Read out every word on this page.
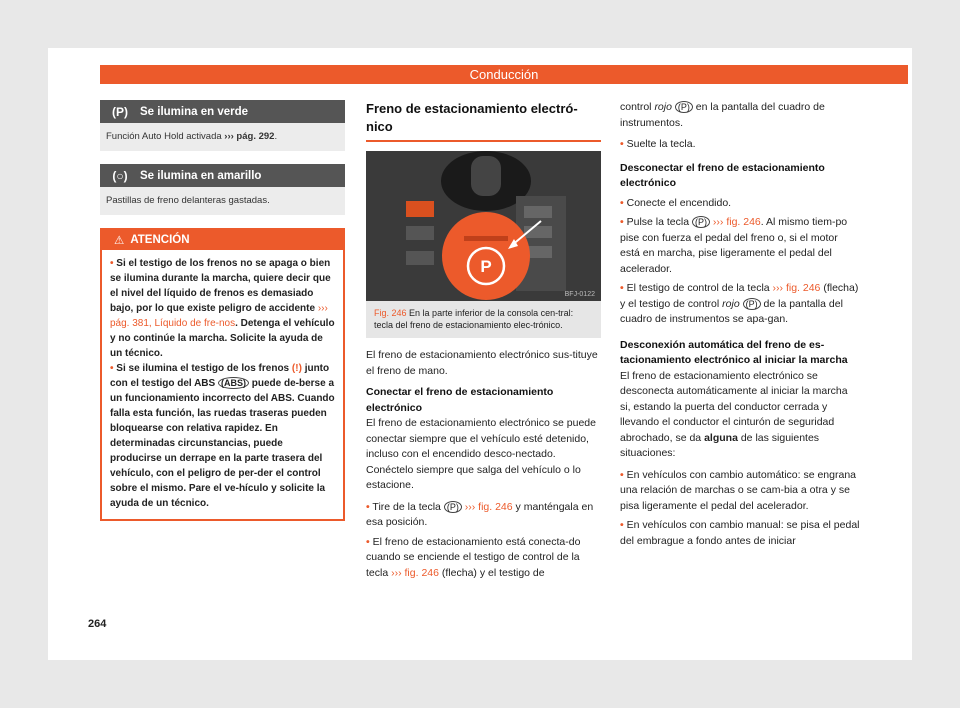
Conducción
(P)	Se ilumina en verde
Función Auto Hold activada ››› pág. 292.
(○)	Se ilumina en amarillo
Pastillas de freno delanteras gastadas.
⚠ ATENCIÓN

• Si el testigo de los frenos no se apaga o bien se ilumina durante la marcha, quiere decir que el nivel del líquido de frenos es demasiado bajo, por lo que existe peligro de accidente ››› pág. 381, Líquido de fre-nos. Detenga el vehículo y no continúe la marcha. Solicite la ayuda de un técnico.

• Si se ilumina el testigo de los frenos (!) junto con el testigo del ABS (ABS) puede de-berse a un funcionamiento incorrecto del ABS. Cuando falla esta función, las ruedas traseras pueden bloquearse con relativa rapidez. En determinadas circunstancias, puede producirse un derrape en la parte trasera del vehículo, con el peligro de per-der el control sobre el mismo. Pare el ve-hículo y solicite la ayuda de un técnico.

Freno de estacionamiento electró-nico
P
BFJ-0122
Fig. 246 En la parte inferior de la consola cen-tral: tecla del freno de estacionamiento elec-trónico.

El freno de estacionamiento electrónico sus-tituye el freno de mano.

Conectar el freno de estacionamiento electrónico

El freno de estacionamiento electrónico se puede conectar siempre que el vehículo esté detenido, incluso con el encendido desco-nectado. Conéctelo siempre que salga del vehículo o lo estacione.

• Tire de la tecla (P) ››› fig. 246 y manténgala en esa posición.

• El freno de estacionamiento está conecta-do cuando se enciende el testigo de control de la tecla ››› fig. 246 (flecha) y el testigo de

control rojo (P) en la pantalla del cuadro de instrumentos.

• Suelte la tecla.

Desconectar el freno de estacionamiento electrónico

• Conecte el encendido.

• Pulse la tecla (P) ››› fig. 246. Al mismo tiem-po pise con fuerza el pedal del freno o, si el motor está en marcha, pise ligeramente el pedal del acelerador.

• El testigo de control de la tecla ››› fig. 246 (flecha) y el testigo de control rojo (P) de la pantalla del cuadro de instrumentos se apa-gan.

Desconexión automática del freno de es-tacionamiento electrónico al iniciar la marcha

El freno de estacionamiento electrónico se desconecta automáticamente al iniciar la marcha si, estando la puerta del conductor cerrada y llevando el conductor el cinturón de seguridad abrochado, se da alguna de las siguientes situaciones:

• En vehículos con cambio automático: se engrana una relación de marchas o se cam-bia a otra y se pisa ligeramente el pedal del acelerador.

• En vehículos con cambio manual: se pisa el pedal del embrague a fondo antes de iniciar

264
